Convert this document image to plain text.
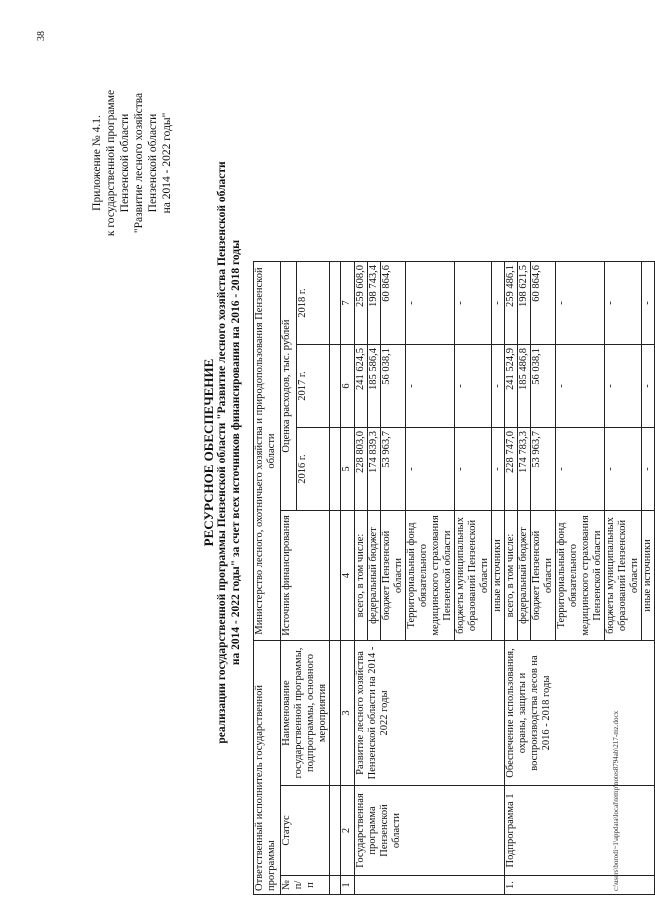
38
Приложение № 4.1. к государственной программе Пензенской области "Развитие лесного хозяйства Пензенской области на 2014 - 2022 годы"
РЕСУРСНОЕ ОБЕСПЕЧЕНИЕ реализации государственной программы Пензенской области "Развитие лесного хозяйства Пензенской области на 2014 - 2022 годы" за счет всех источников финансирования на 2016 - 2018 годы
Ответственный исполнитель государственной программы			Министерство лесного, охотничьего хозяйства и природопользования Пензенской области			
№ п/п	Статус	Наименование государственной программы, подпрограммы, основного мероприятия	Источник финансирования	Оценка расходов, тыс. рублей		
				2016 г.	2017 г.	2018 г.

1	2	3	4	5	6	7
	Государственная программа Пензенской области	Развитие лесного хозяйства Пензенской области на 2014 - 2022 годы	всего, в том числе:	228 803,0	241 624,5	259 608,0
			федеральный бюджет	174 839,3	185 586,4	198 743,4
			бюджет Пензенской области	53 963,7	56 038,1	60 864,6
			Территориальный фонд обязательного медицинского страхования Пензенской области	-	-	-
			бюджеты муниципальных образований Пензенской области	-	-	-
			иные источники	-	-	-
1.	Подпрограмма 1	Обеспечение использования, охраны, защиты и воспроизводства лесов на 2016 - 2018 годы	всего, в том числе:	228 747,0	241 524,9	259 486,1
			федеральный бюджет	174 783,3	185 486,8	198 621,5
			бюджет Пензенской области	53 963,7	56 038,1	60 864,6
			Территориальный фонд обязательного медицинского страхования Пензенской области	-	-	-
			бюджеты муниципальных образований Пензенской области	-	-	-
			иные источники	-	-	-
c:\users\borodi~1\appdata\local\temp\notes8794ab\217-mz.docx
